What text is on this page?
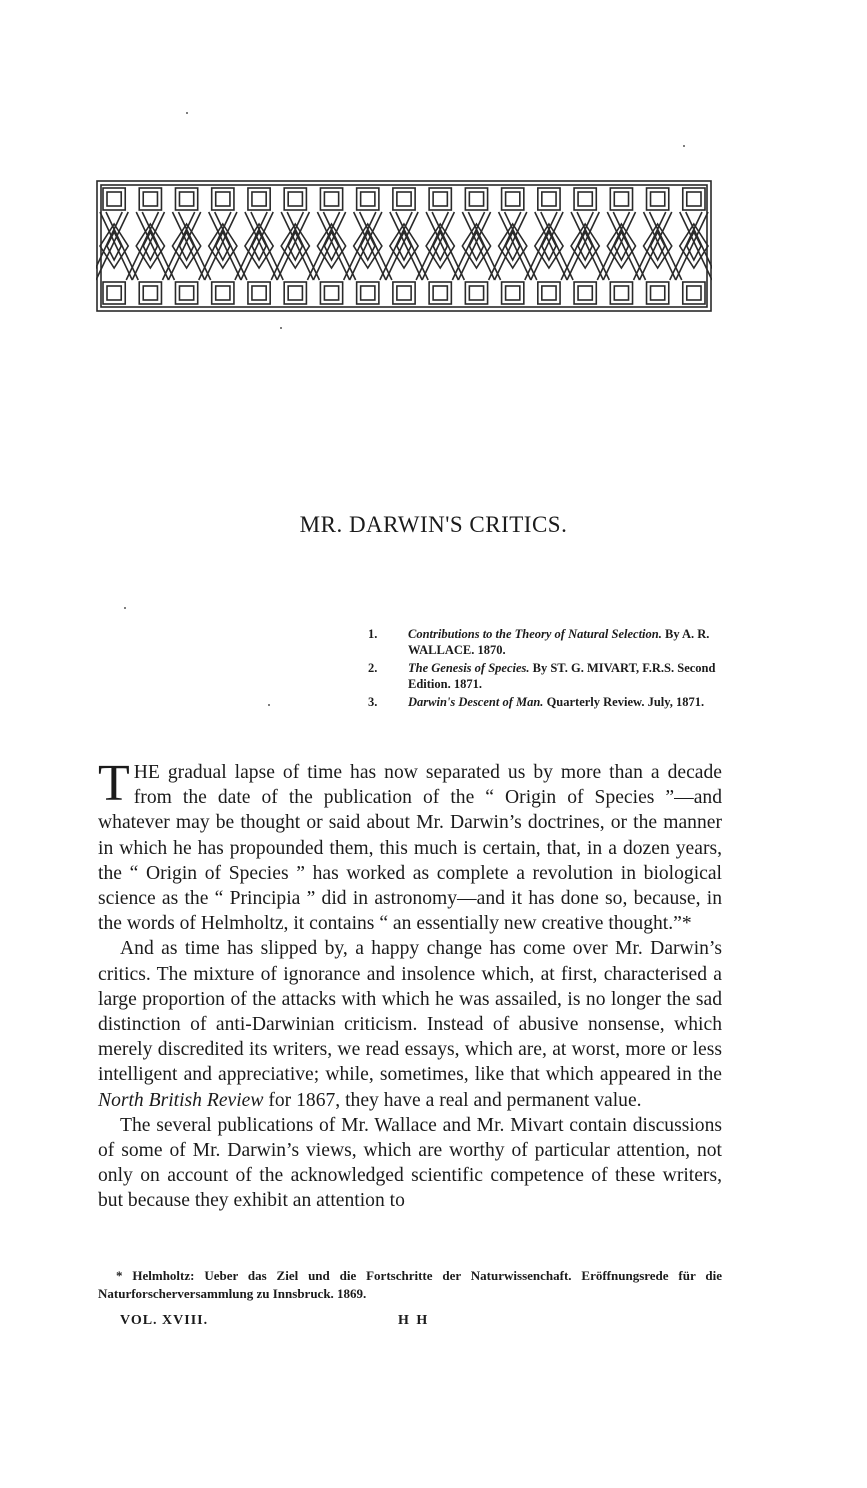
MR. DARWIN'S CRITICS.
1. Contributions to the Theory of Natural Selection. By A. R. WALLACE. 1870.
2. The Genesis of Species. By ST. G. MIVART, F.R.S. Second Edition. 1871.
3. Darwin's Descent of Man. Quarterly Review. July, 1871.

THE gradual lapse of time has now separated us by more than a decade from the date of the publication of the “ Origin of Species ”—and whatever may be thought or said about Mr. Darwin’s doctrines, or the manner in which he has propounded them, this much is certain, that, in a dozen years, the “ Origin of Species ” has worked as complete a revolution in biological science as the “ Principia ” did in astronomy—and it has done so, because, in the words of Helmholtz, it contains “ an essentially new creative thought.”*

And as time has slipped by, a happy change has come over Mr. Darwin’s critics. The mixture of ignorance and insolence which, at first, characterised a large proportion of the attacks with which he was assailed, is no longer the sad distinction of anti-Darwinian criticism. Instead of abusive nonsense, which merely discredited its writers, we read essays, which are, at worst, more or less intelligent and appreciative; while, sometimes, like that which appeared in the North British Review for 1867, they have a real and permanent value.

The several publications of Mr. Wallace and Mr. Mivart contain discussions of some of Mr. Darwin’s views, which are worthy of particular attention, not only on account of the acknowledged scientific competence of these writers, but because they exhibit an attention to

* Helmholtz: Ueber das Ziel und die Fortschritte der Naturwissenchaft. Eröffnungsrede für die Naturforscherversammlung zu Innsbruck. 1869.
VOL. XVIII.	H H
